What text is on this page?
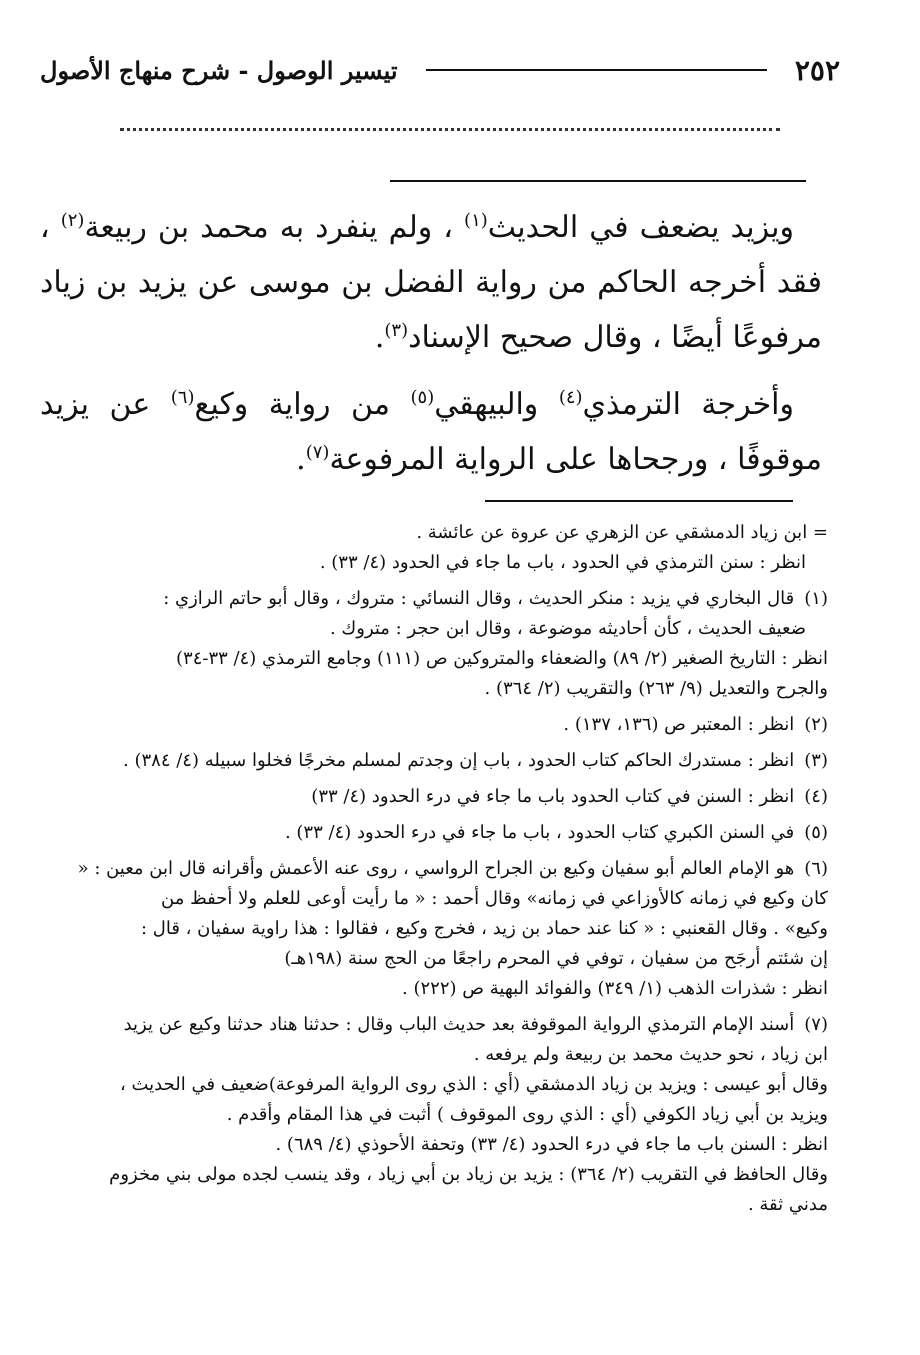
٢٥٢
تيسير الوصول - شرح منهاج الأصول

ويزيد يضعف في الحديث$^{(١)}$ ، ولم ينفرد به محمد بن ربيعة$^{(٢)}$ ، فقد أخرجه الحاكم من رواية الفضل بن موسى عن يزيد بن زياد مرفوعًا أيضًا ، وقال صحيح الإسناد$^{(٣)}$.

وأخرجة الترمذي$^{(٤)}$ والبيهقي$^{(٥)}$ من رواية وكيع$^{(٦)}$ عن يزيد موقوفًا ، ورجحاها على الرواية المرفوعة$^{(٧)}$.

= ابن زياد الدمشقي عن الزهري عن عروة عن عائشة .
انظر : سنن الترمذي في الحدود ، باب ما جاء في الحدود (٤/ ٣٣) .
(١)قال البخاري في يزيد : منكر الحديث ، وقال النسائي : متروك ، وقال أبو حاتم الرازي :
ضعيف الحديث ، كأن أحاديثه موضوعة ، وقال ابن حجر : متروك .
انظر : التاريخ الصغير (٢/ ٨٩) والضعفاء والمتروكين ص (١١١) وجامع الترمذي (٤/ ٣٣-٣٤)
والجرح والتعديل (٩/ ٢٦٣) والتقريب (٢/ ٣٦٤) .
(٢)انظر : المعتبر ص (١٣٦، ١٣٧) .
(٣)انظر : مستدرك الحاكم كتاب الحدود ، باب إن وجدتم لمسلم مخرجًا فخلوا سبيله (٤/ ٣٨٤) .
(٤)انظر : السنن في كتاب الحدود باب ما جاء في درء الحدود (٤/ ٣٣)
(٥)في السنن الكبري كتاب الحدود ، باب ما جاء في درء الحدود (٤/ ٣٣) .
(٦)هو الإمام العالم أبو سفيان وكيع بن الجراح الرواسي ، روى عنه الأعمش وأقرانه قال ابن معين : «
كان وكيع في زمانه كالأوزاعي في زمانه» وقال أحمد : « ما رأيت أوعى للعلم ولا أحفظ من
وكيع» . وقال القعنبي : « كنا عند حماد بن زيد ، فخرج وكيع ، فقالوا : هذا راوية سفيان ، قال :
إن شئتم أرجَح من سفيان ، توفي في المحرم راجعًا من الحج سنة (١٩٨هـ)
انظر : شذرات الذهب (١/ ٣٤٩) والفوائد البهية ص (٢٢٢) .
(٧)أسند الإمام الترمذي الرواية الموقوفة بعد حديث الباب وقال : حدثنا هناد حدثنا وكيع عن يزيد
ابن زياد ، نحو حديث محمد بن ربيعة ولم يرفعه .
وقال أبو عيسى : ويزيد بن زياد الدمشقي (أي : الذي روى الرواية المرفوعة)ضعيف في الحديث ،
ويزيد بن أبي زياد الكوفي (أي : الذي روى الموقوف ) أثبت في هذا المقام وأقدم .
انظر : السنن باب ما جاء في درء الحدود (٤/ ٣٣) وتحفة الأحوذي (٤/ ٦٨٩) .
وقال الحافظ في التقريب (٢/ ٣٦٤) : يزيد بن زياد بن أبي زياد ، وقد ينسب لجده مولى بني مخزوم
مدني ثقة .
